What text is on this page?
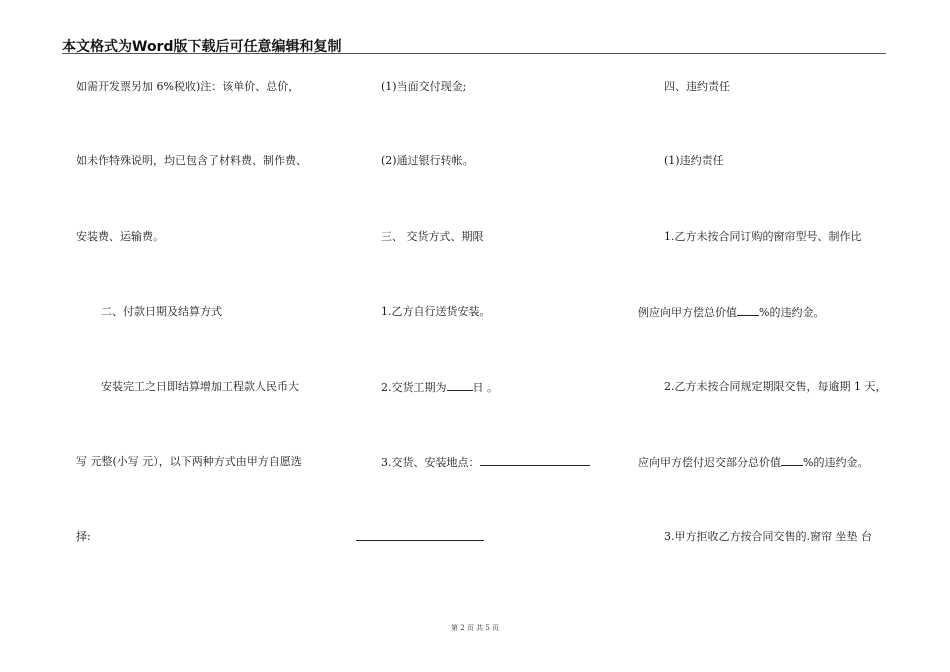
本文格式为Word版下载后可任意编辑和复制
如需开发票另加 6%税收)注：该单价、总价，
如未作特殊说明，均已包含了材料费、制作费、
安装费、运输费。
二、付款日期及结算方式
安装完工之日即结算增加工程款人民币大
写 元整(小写 元），以下两种方式由甲方自愿选
择:
(1)当面交付现金;
(2)通过银行转帐。
三、 交货方式、期限
1.乙方自行送货安装。
2.交货工期为 日 。
3.交货、安装地点：
四、违约责任
(1)违约责任
1.乙方未按合同订购的窗帘型号、制作比
例应向甲方偿总价值 %的违约金。
2.乙方未按合同规定期限交售，每逾期 1 天，
应向甲方偿付迟交部分总价值 %的违约金。
3.甲方拒收乙方按合同交售的.窗帘 坐垫 台
第 2 页 共 5 页
